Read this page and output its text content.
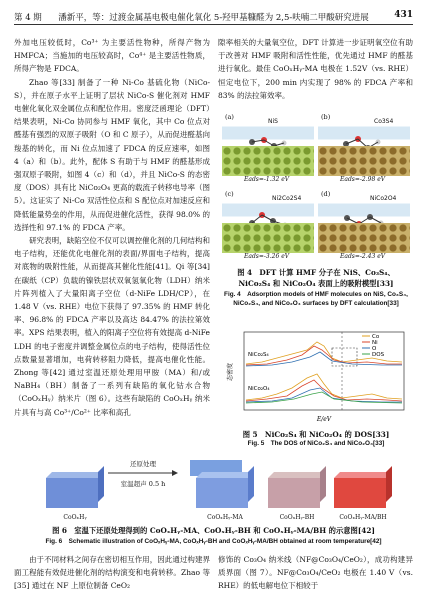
第 4 期	潘新平，等：过渡金属基电极电催化氧化 5-羟甲基糠醛为 2,5-呋喃二甲酸研究进展	431

外加电压较低时，Co³⁺ 为主要活性物种，所得产物为 HMFCA；当施加的电压较高时，Co⁴⁺ 是主要活性物质，所得产物是 FDCA。

Zhao 等[33] 制备了一种 Ni-Co 基硫化物（NiCo-S），并在原子水平上证明了层状 NiCo-S 催化剂对 HMF 电催化氧化双金属位点和配位作用。密度泛函理论（DFT）结果表明，Ni-Co 协同参与 HMF 氧化，其中 Co 位点对醛基有强烈的双原子吸附（O 和 C 原子），从而促进醛基向羧基的转化，而 Ni 位点加速了 FDCA 的反应速率，如图 4（a）和（b）。此外，配体 S 有助于与 HMF 的醛基形成强双原子吸附，如图 4（c）和（d），并且 NiCo-S 的态密度（DOS）具有比 NiCo₂O₄ 更高的载流子转移电导率（图 5）。这证实了 Ni-Co 双活性位点和 S 配位点对加速反应和降低能量势垒的作用，从而促进催化活性，获得 98.0% 的选择性和 97.1% 的 FDCA 产率。

研究表明，缺陷空位不仅可以调控催化剂的几何结构和电子结构，还能优化电催化剂的表面/界面电子结构，提高对底物的吸附性能，从而提高其催化性能[41]。Qi 等[34] 在碳纸（CP）负载的镍铁层状双氧氢氧化物（LDH）纳米片阵列植入了大量阳离子空位（d-NiFe LDH/CP），在 1.48 V（vs. RHE）电位下获得了 97.35% 的 HMF 转化率、96.8% 的 FDCA 产率以及高达 84.47% 的法拉第效率。XPS 结果表明，植入的阳离子空位将有效提高 d-NiFe LDH 的电子密度并调整金属位点的电子结构，使得活性位点数量显著增加，电荷转移阻力降低，提高电催化性能。Zhong 等[42] 通过室温还原处理用甲胺（MA）和/或 NaBH₄（BH）制备了一系列有缺陷的氧化钴水合物（CoOₓHᵧ）纳米片（图 6）。这些有缺陷的 CoOₓHᵧ 纳米片具有与高 Co³⁺/Co²⁺ 比率和高孔

隙率相关的大量氧空位，DFT 计算进一步证明氧空位有助于改善对 HMF 吸附和活性性能，优先通过 HMF 的醛基进行氧化。最佳 CoOₓHᵧ-MA 电极在 1.52V（vs. RHE）恒定电位下，200 min 内实现了 98% 的 FDCA 产率和 83% 的法拉第效率。

(a)
NiS
Eads=-1.32 eV
(b)
Co3S4
Eads=-2.98 eV
(c)
Ni2Co2S4
Eads=-3.26 eV
(d)
NiCo2O4
Eads=-2.43 eV
图 4　DFT 计算 HMF 分子在 NiS、Co₃S₄、NiCo₂S₄ 和 NiCo₂O₄ 表面上的吸附模型[33]
Fig. 4　Adsorption models of HMF molecules on NiS, Co₃S₄, NiCo₂S₄, and NiCo₂O₄ surfaces by DFT calculation[33]
Co
Ni
O
DOS
NiCo₂S₄
NiCo₂O₄
态密度
E/eV
图 5　NiCo₂S₄ 和 NiCo₂O₄ 的 DOS[33]
Fig. 5　The DOS of NiCo₂S₄ and NiCo₂O₄[33]
CoOₓHᵧ
还原处理
室温超声 0.5 h
CoOₓHᵧ-MA	CoOₓHᵧ-BH	CoOₓHᵧ-MA/BH
图 6　室温下还原处理得到的 CoOₓHᵧ-MA、CoOₓHᵧ-BH 和 CoOₓHᵧ-MA/BH 的示意图[42]
Fig. 6　Schematic illustration of CoOₓHᵧ-MA, CoOₓHᵧ-BH and CoOₓHᵧ-MA/BH obtained at room temperature[42]

由于不同材料之间存在密切相互作用，因此通过构建界面工程能有效促进催化剂的结构演变和电荷转移。Zhao 等[35] 通过在 NF 上原位制备 CeO₂

修饰的 Co₃O₄ 纳米线（NF@Co₃O₄/CeO₂），成功构建异质界面（图 7）。NF@Co₃O₄/CeO₂ 电极在 1.40 V（vs. RHE）的低电解电位下相较于
